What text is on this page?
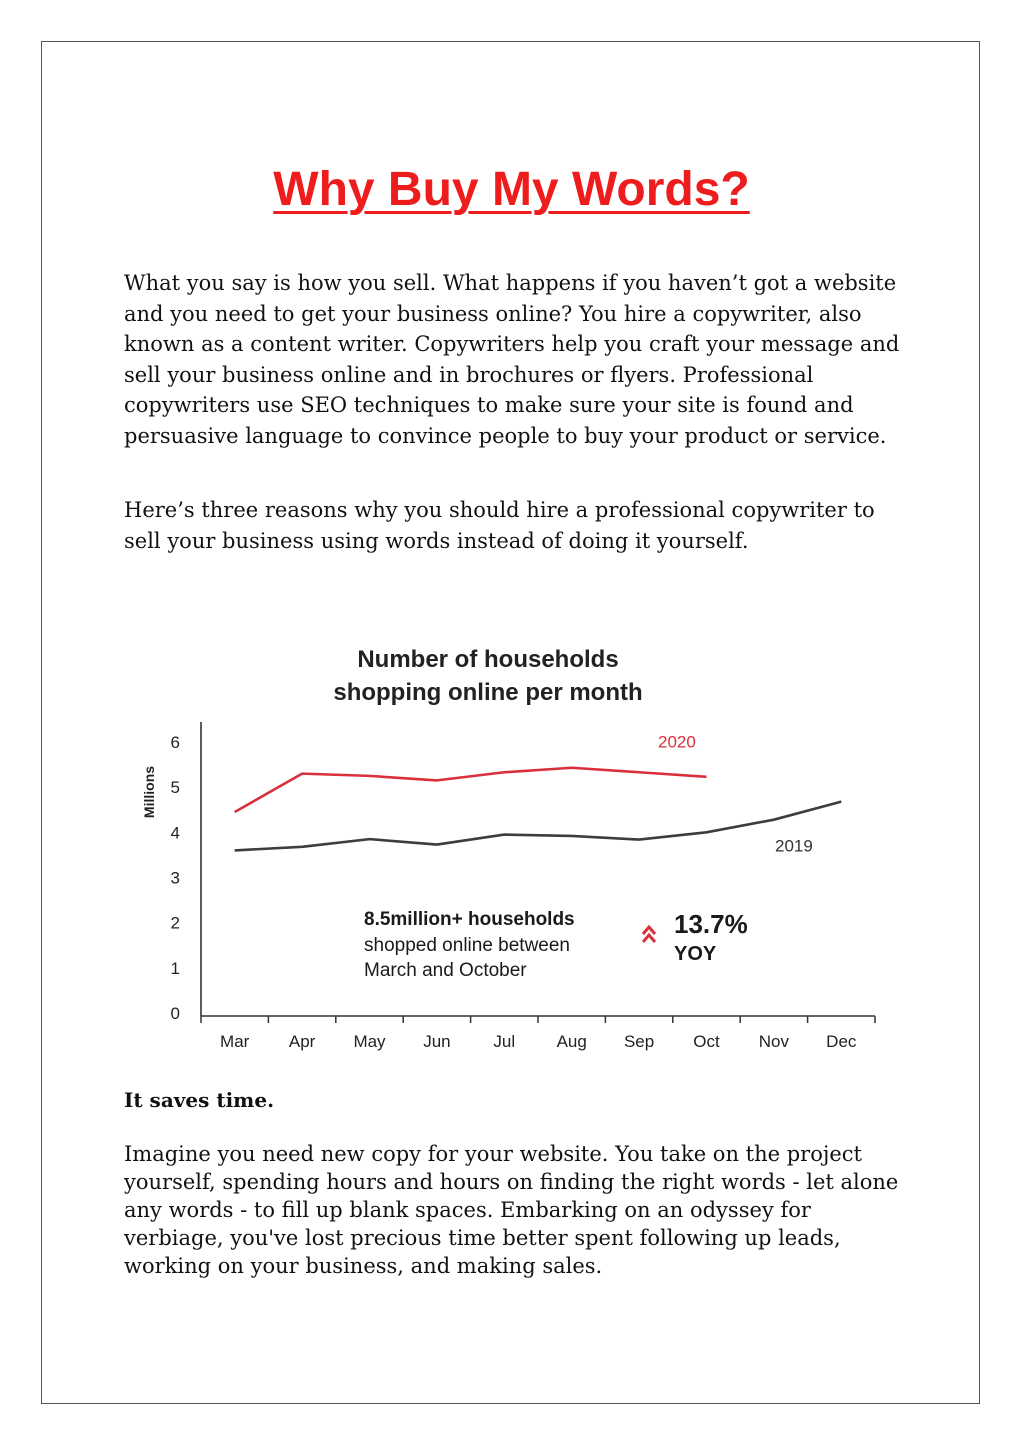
Why Buy My Words?

What you say is how you sell. What happens if you haven’t got a website and you need to get your business online? You hire a copywriter, also known as a content writer. Copywriters help you craft your message and sell your business online and in brochures or flyers. Professional copywriters use SEO techniques to make sure your site is found and persuasive language to convince people to buy your product or service.

Here’s three reasons why you should hire a professional copywriter to sell your business using words instead of doing it yourself.

Number of households
shopping online per month
Millions
0
1
2
3
4
5
6
Mar Apr May Jun	Jul Aug Sep Oct Nov Dec
2020
2019
8.5million+ households
shopped online between
March and October
13.7%
YOY

It saves time.

Imagine you need new copy for your website. You take on the project yourself, spending hours and hours on finding the right words - let alone any words - to fill up blank spaces. Embarking on an odyssey for verbiage, you've lost precious time better spent following up leads, working on your business, and making sales.
